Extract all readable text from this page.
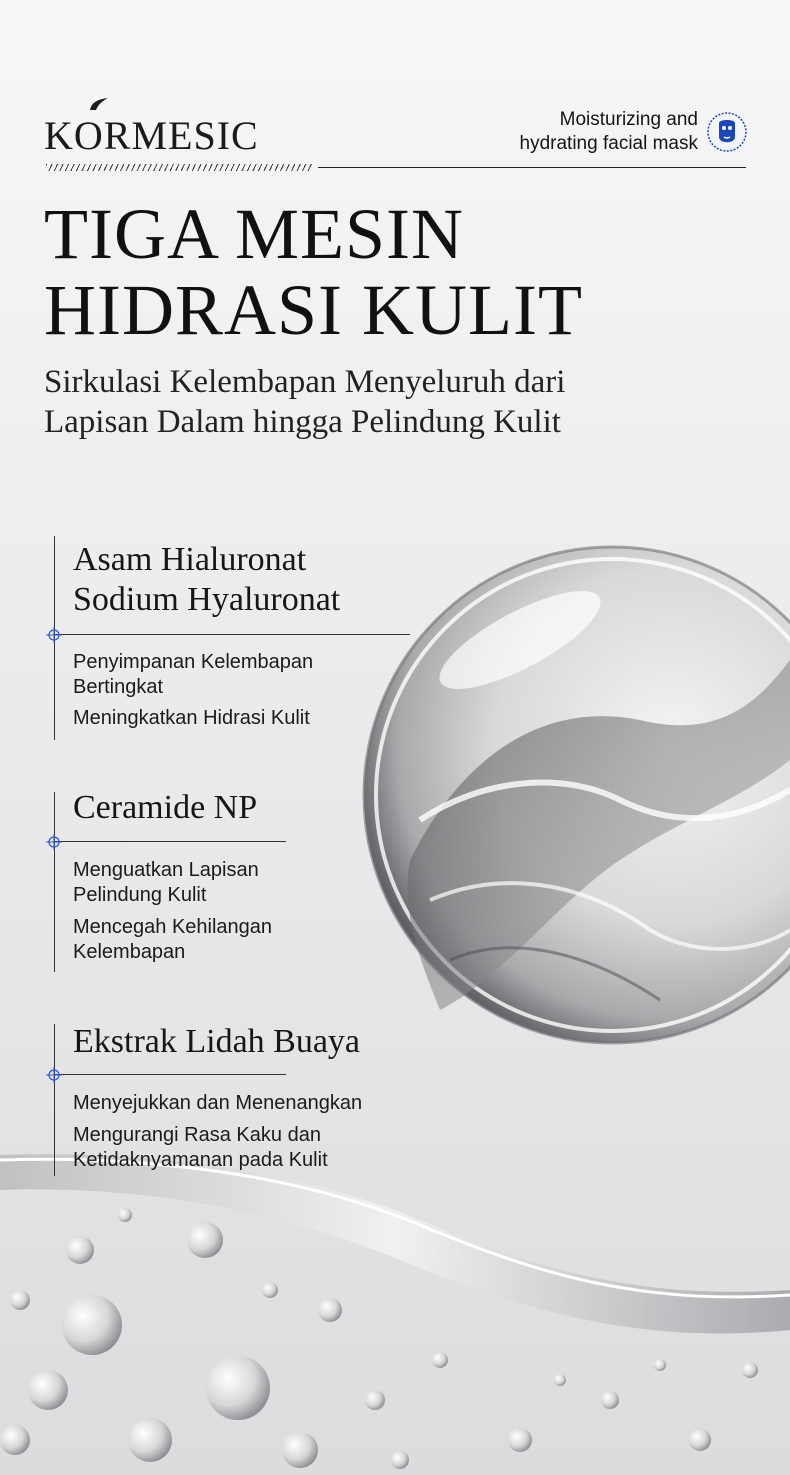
KORMESIC	Moisturizing and
hydrating facial mask
TIGA MESIN
HIDRASI KULIT
Sirkulasi Kelembapan Menyeluruh dari
Lapisan Dalam hingga Pelindung Kulit
Asam Hialuronat
Sodium Hyaluronat
Penyimpanan Kelembapan
Bertingkat
Meningkatkan Hidrasi Kulit
Ceramide NP
Menguatkan Lapisan
Pelindung Kulit
Mencegah Kehilangan
Kelembapan
Ekstrak Lidah Buaya
Menyejukkan dan Menenangkan
Mengurangi Rasa Kaku dan
Ketidaknyamanan pada Kulit
